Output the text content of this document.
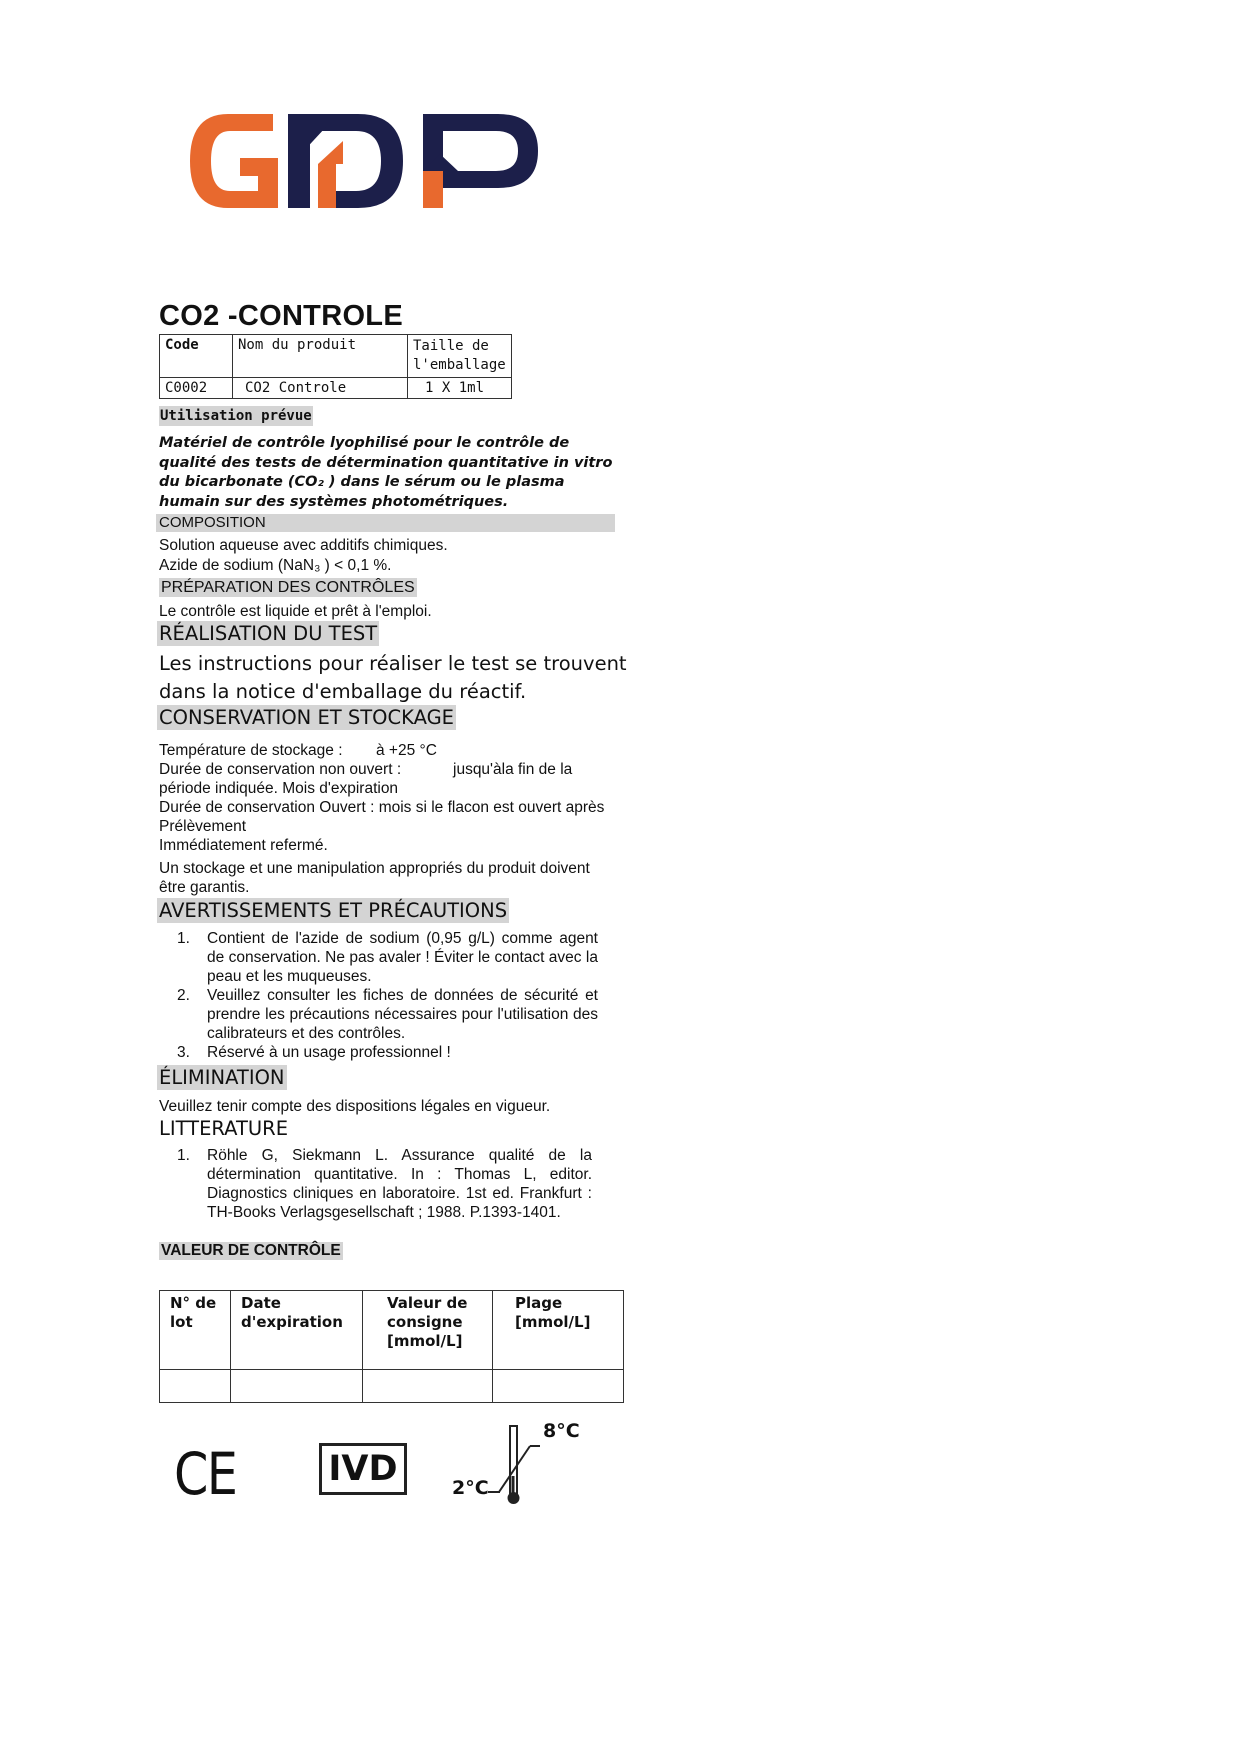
CO2 -CONTROLE
Code	Nom du produit	Taille de l'emballage
C0002	CO2 Controle	1 X 1ml
Utilisation prévue
Matériel de contrôle lyophilisé pour le contrôle de qualité des tests de détermination quantitative in vitro du bicarbonate (CO₂ ) dans le sérum ou le plasma humain sur des systèmes photométriques.
COMPOSITION
Solution aqueuse avec additifs chimiques.
Azide de sodium (NaN₃ ) < 0,1 %.
PRÉPARATION DES CONTRÔLES
Le contrôle est liquide et prêt à l'emploi.
RÉALISATION DU TEST
Les instructions pour réaliser le test se trouvent dans la notice d'emballage du réactif.
CONSERVATION ET STOCKAGE
Température de stockage : à +25 °C
Durée de conservation non ouvert :	jusqu'àla fin de la
période indiquée. Mois d'expiration
Durée de conservation Ouvert : mois si le flacon est ouvert après Prélèvement
Immédiatement refermé.
Un stockage et une manipulation appropriés du produit doivent être garantis.
AVERTISSEMENTS ET PRÉCAUTIONS
1. Contient de l'azide de sodium (0,95 g/L) comme agent de conservation. Ne pas avaler ! Éviter le contact avec la peau et les muqueuses.
2. Veuillez consulter les fiches de données de sécurité et prendre les précautions nécessaires pour l'utilisation des calibrateurs et des contrôles.
3. Réservé à un usage professionnel !
ÉLIMINATION
Veuillez tenir compte des dispositions légales en vigueur.
LITTERATURE
1. Röhle G, Siekmann L. Assurance qualité de la détermination quantitative. In : Thomas L, editor. Diagnostics cliniques en laboratoire. 1st ed. Frankfurt : TH-Books Verlagsgesellschaft ; 1988. P.1393-1401.
VALEUR DE CONTRÔLE
N° de lot	Date d'expiration	Valeur de consigne [mmol/L]	Plage [mmol/L]

CE	IVD
8°C
2°C
